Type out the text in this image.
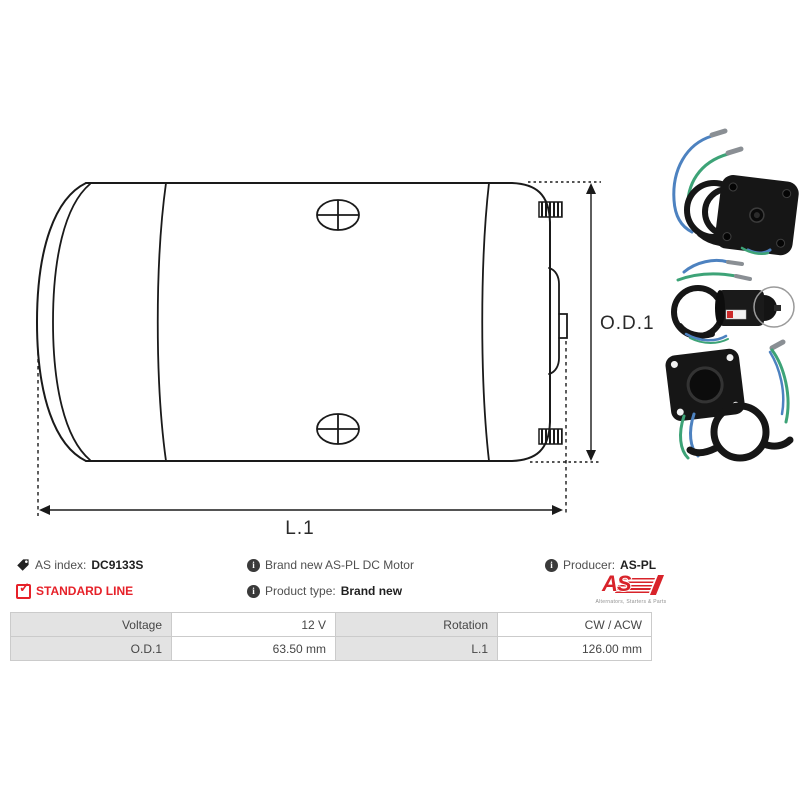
O.D.1
L.1
AS index: DC9133S	i Brand new AS-PL DC Motor	i Producer: AS-PL
✓ STANDARD LINE	i Product type: Brand new	AS
Alternators, Starters & Parts
Voltage	12 V	Rotation	CW / ACW
O.D.1	63.50 mm	L.1	126.00 mm
